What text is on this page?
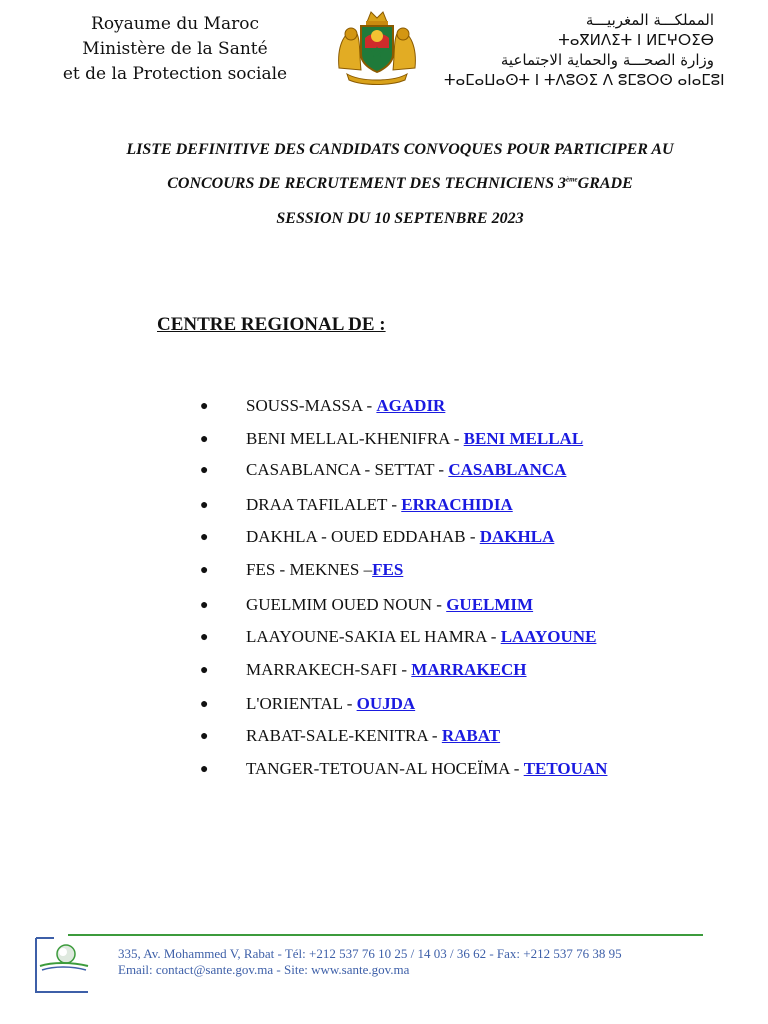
Royaume du Maroc
Ministère de la Santé
et de la Protection sociale
المملكـــة المغربيـــة
ⵜⴰⴳⵍⴷⵉⵜ ⵏ ⵍⵎⵖⵔⵉⴱ
وزارة الصحـــة والحماية الاجتماعية
ⵜⴰⵎⴰⵡⴰⵙⵜ ⵏ ⵜⴷⵓⵙⵉ ⴷ ⵓⵎⵓⵔⵙ ⴰⵏⴰⵎⵓⵏ
LISTE DEFINITIVE DES CANDIDATS CONVOQUES POUR PARTICIPER AU
CONCOURS DE RECRUTEMENT DES TECHNICIENS 3èmeGRADE
SESSION DU 10 SEPTENBRE 2023
CENTRE REGIONAL DE :
● SOUSS-MASSA - AGADIR
● BENI MELLAL-KHENIFRA - BENI MELLAL
● CASABLANCA - SETTAT - CASABLANCA
● DRAA TAFILALET - ERRACHIDIA
● DAKHLA - OUED EDDAHAB - DAKHLA
● FES - MEKNES –FES
● GUELMIM OUED NOUN - GUELMIM
● LAAYOUNE-SAKIA EL HAMRA - LAAYOUNE
● MARRAKECH-SAFI - MARRAKECH
● L'ORIENTAL - OUJDA
● RABAT-SALE-KENITRA - RABAT
● TANGER-TETOUAN-AL HOCEÏMA - TETOUAN
335, Av. Mohammed V, Rabat - Tél: +212 537 76 10 25 / 14 03 / 36 62 - Fax: +212 537 76 38 95
Email: contact@sante.gov.ma - Site: www.sante.gov.ma
